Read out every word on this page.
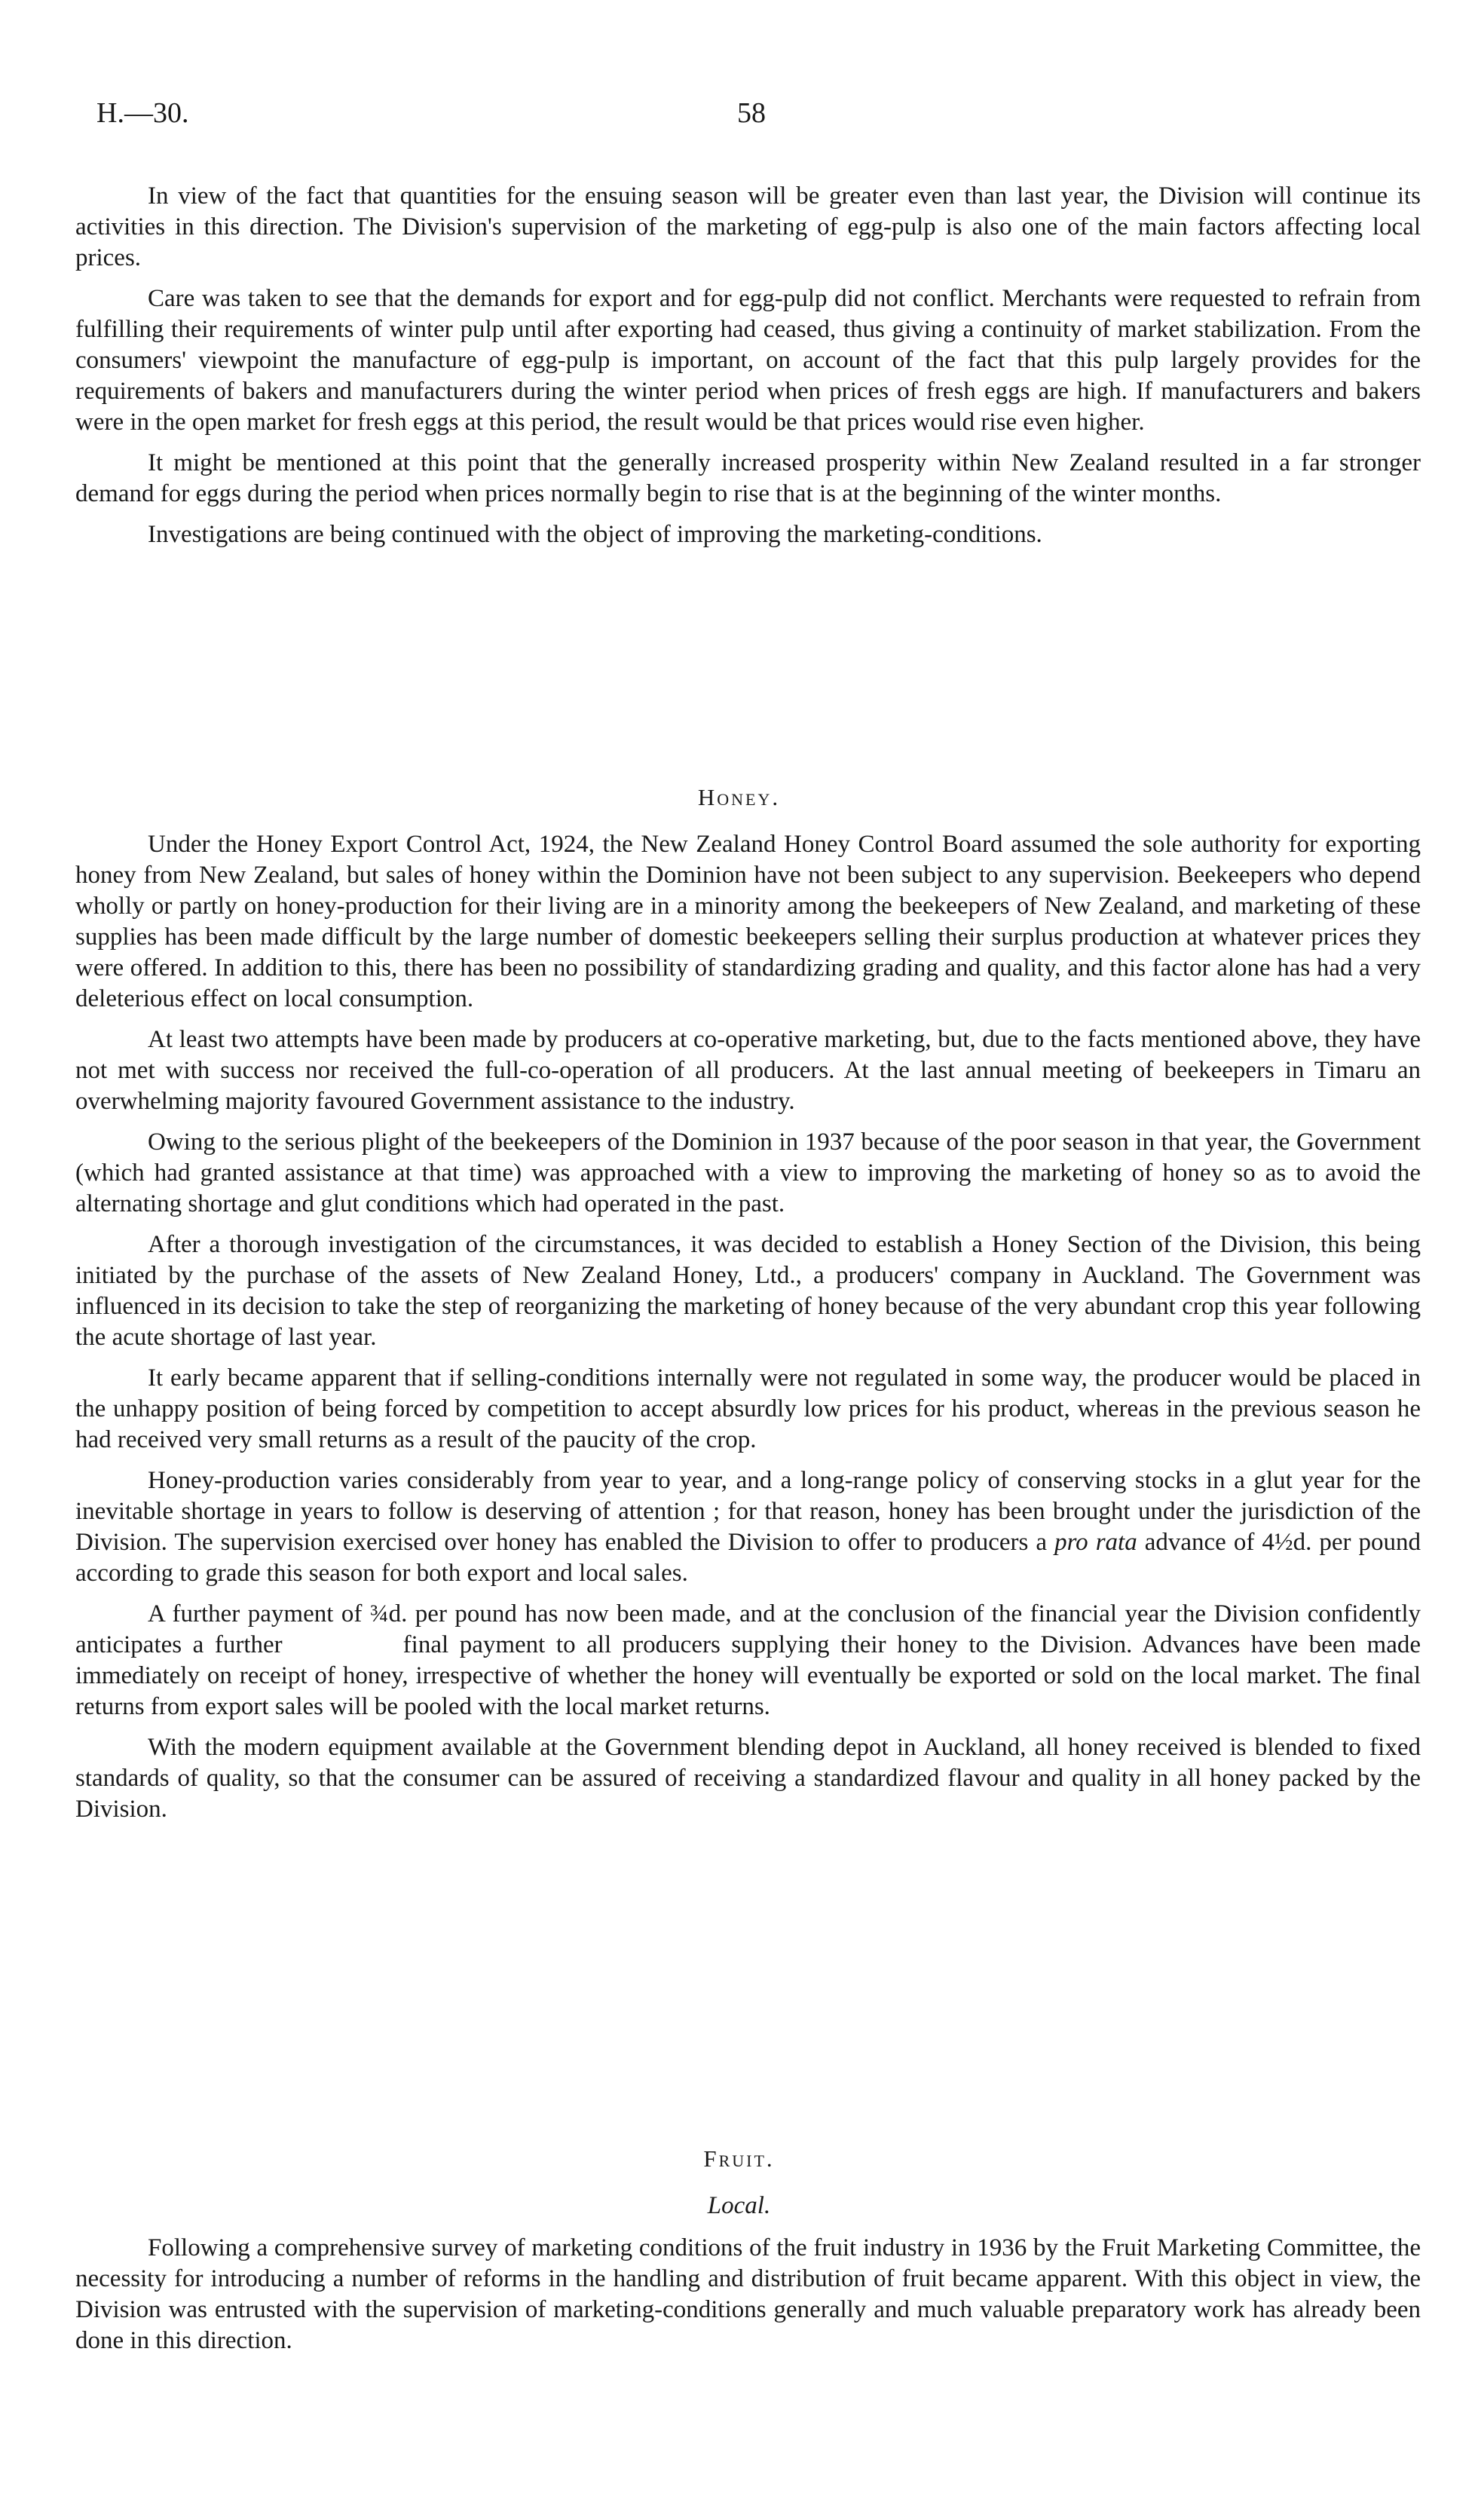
H.—30.	58

In view of the fact that quantities for the ensuing season will be greater even than last year, the Division will continue its activities in this direction. The Division's supervision of the marketing of egg-pulp is also one of the main factors affecting local prices.

Care was taken to see that the demands for export and for egg-pulp did not conflict. Merchants were requested to refrain from fulfilling their requirements of winter pulp until after exporting had ceased, thus giving a continuity of market stabilization. From the consumers' viewpoint the manufacture of egg-pulp is important, on account of the fact that this pulp largely provides for the requirements of bakers and manufacturers during the winter period when prices of fresh eggs are high. If manufacturers and bakers were in the open market for fresh eggs at this period, the result would be that prices would rise even higher.

It might be mentioned at this point that the generally increased prosperity within New Zealand resulted in a far stronger demand for eggs during the period when prices normally begin to rise that is at the beginning of the winter months.

Investigations are being continued with the object of improving the marketing-conditions.

Honey.

Under the Honey Export Control Act, 1924, the New Zealand Honey Control Board assumed the sole authority for exporting honey from New Zealand, but sales of honey within the Dominion have not been subject to any supervision. Beekeepers who depend wholly or partly on honey-production for their living are in a minority among the beekeepers of New Zealand, and marketing of these supplies has been made difficult by the large number of domestic beekeepers selling their surplus production at whatever prices they were offered. In addition to this, there has been no possibility of standardizing grading and quality, and this factor alone has had a very deleterious effect on local consumption.

At least two attempts have been made by producers at co-operative marketing, but, due to the facts mentioned above, they have not met with success nor received the full-co-operation of all producers. At the last annual meeting of beekeepers in Timaru an overwhelming majority favoured Government assistance to the industry.

Owing to the serious plight of the beekeepers of the Dominion in 1937 because of the poor season in that year, the Government (which had granted assistance at that time) was approached with a view to improving the marketing of honey so as to avoid the alternating shortage and glut conditions which had operated in the past.

After a thorough investigation of the circumstances, it was decided to establish a Honey Section of the Division, this being initiated by the purchase of the assets of New Zealand Honey, Ltd., a producers' company in Auckland. The Government was influenced in its decision to take the step of reorganizing the marketing of honey because of the very abundant crop this year following the acute shortage of last year.

It early became apparent that if selling-conditions internally were not regulated in some way, the producer would be placed in the unhappy position of being forced by competition to accept absurdly low prices for his product, whereas in the previous season he had received very small returns as a result of the paucity of the crop.

Honey-production varies considerably from year to year, and a long-range policy of conserving stocks in a glut year for the inevitable shortage in years to follow is deserving of attention ; for that reason, honey has been brought under the jurisdiction of the Division. The supervision exercised over honey has enabled the Division to offer to producers a pro rata advance of 4½d. per pound according to grade this season for both export and local sales.

A further payment of ¾d. per pound has now been made, and at the conclusion of the financial year the Division confidently anticipates a further	final payment to all producers supplying their honey to the Division. Advances have been made immediately on receipt of honey, irrespective of whether the honey will eventually be exported or sold on the local market. The final returns from export sales will be pooled with the local market returns.

With the modern equipment available at the Government blending depot in Auckland, all honey received is blended to fixed standards of quality, so that the consumer can be assured of receiving a standardized flavour and quality in all honey packed by the Division.

Fruit.
Local.

Following a comprehensive survey of marketing conditions of the fruit industry in 1936 by the Fruit Marketing Committee, the necessity for introducing a number of reforms in the handling and distribution of fruit became apparent. With this object in view, the Division was entrusted with the supervision of marketing-conditions generally and much valuable preparatory work has already been done in this direction.
